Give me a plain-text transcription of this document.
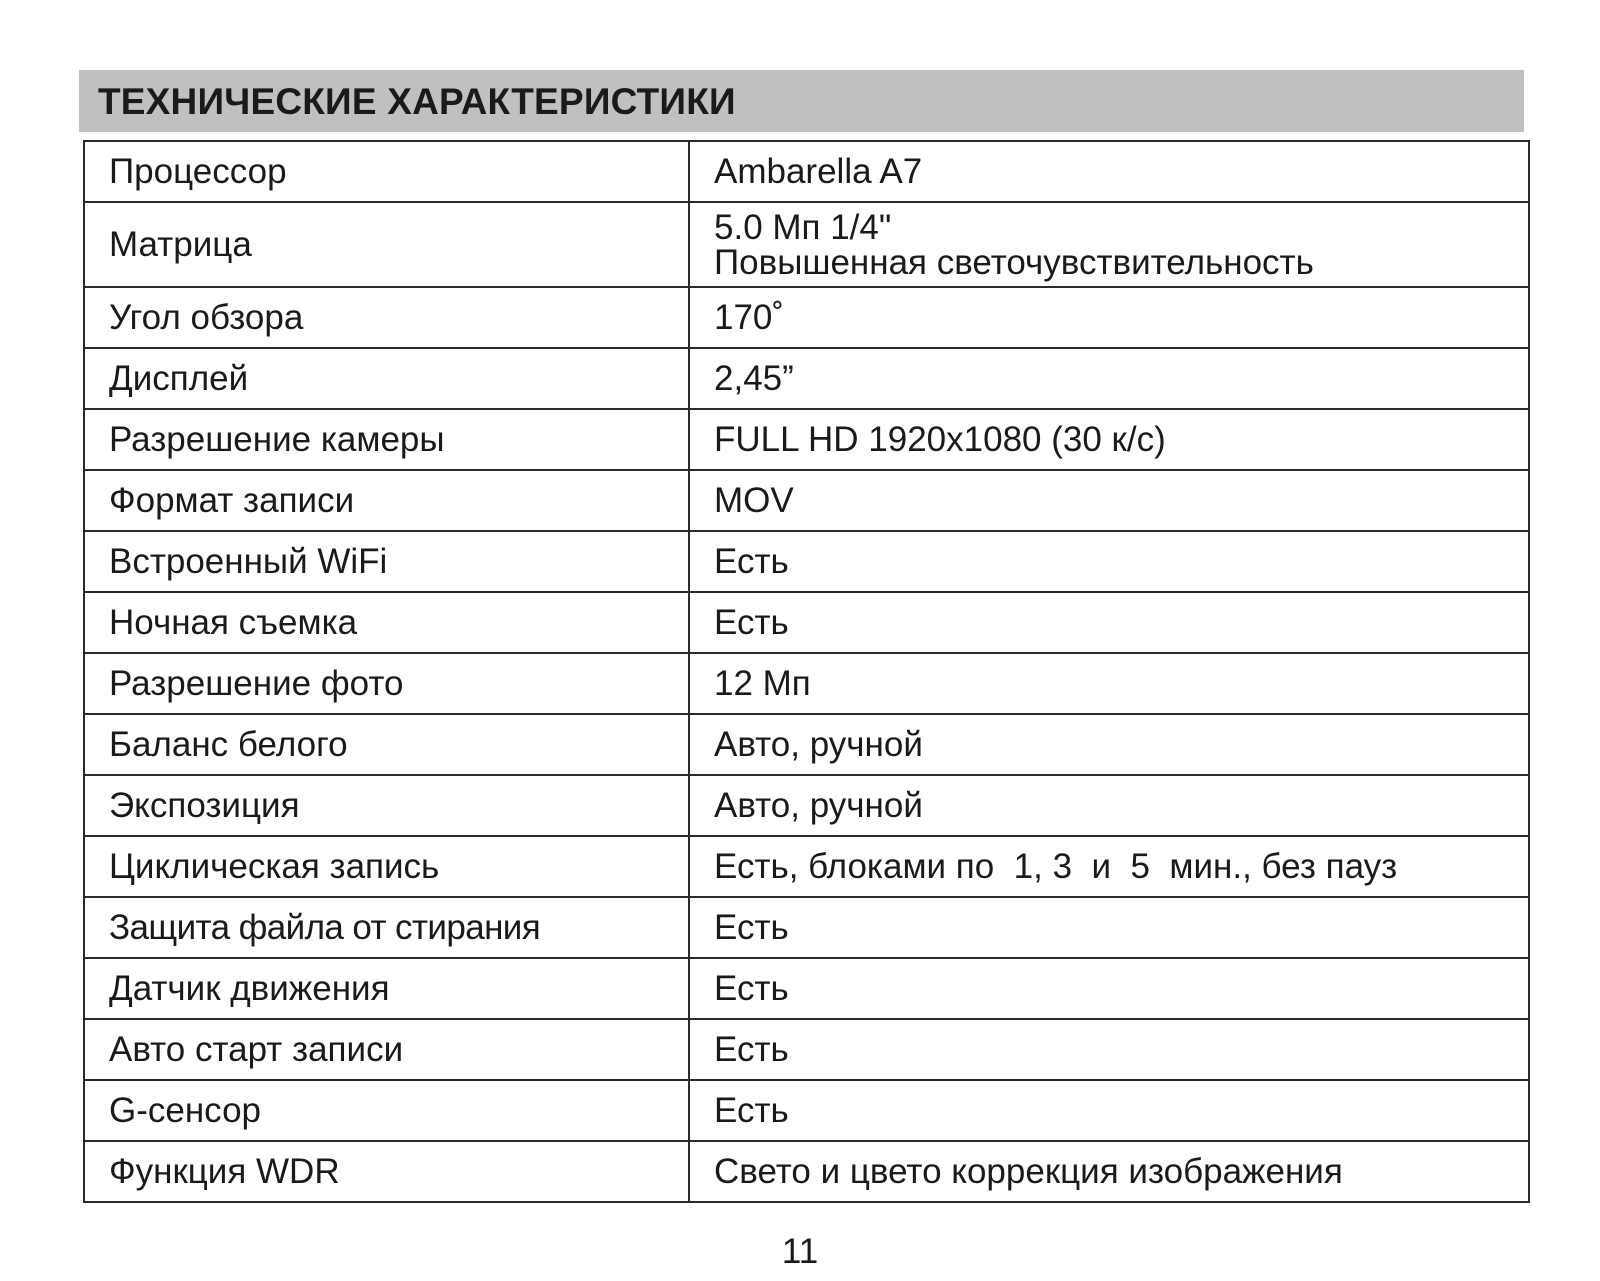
ТЕХНИЧЕСКИЕ ХАРАКТЕРИСТИКИ
Процессор	Ambarella A7
Матрица	5.0 Мп 1/4"
Повышенная светочувствительность

Угол обзора	170˚
Дисплей	2,45”
Разрешение камеры	FULL HD 1920x1080 (30 к/с)
Формат записи	MOV
Встроенный WiFi	Есть
Ночная съемка	Есть
Разрешение фото	12 Мп
Баланс белого	Авто, ручной
Экспозиция	Авто, ручной
Циклическая запись	Есть, блоками по  1, 3  и  5  мин., без пауз
Защита файла от стирания	Есть
Датчик движения	Есть
Авто старт записи	Есть
G-сенсор	Есть
Функция WDR	Свето и цвето коррекция изображения
11
